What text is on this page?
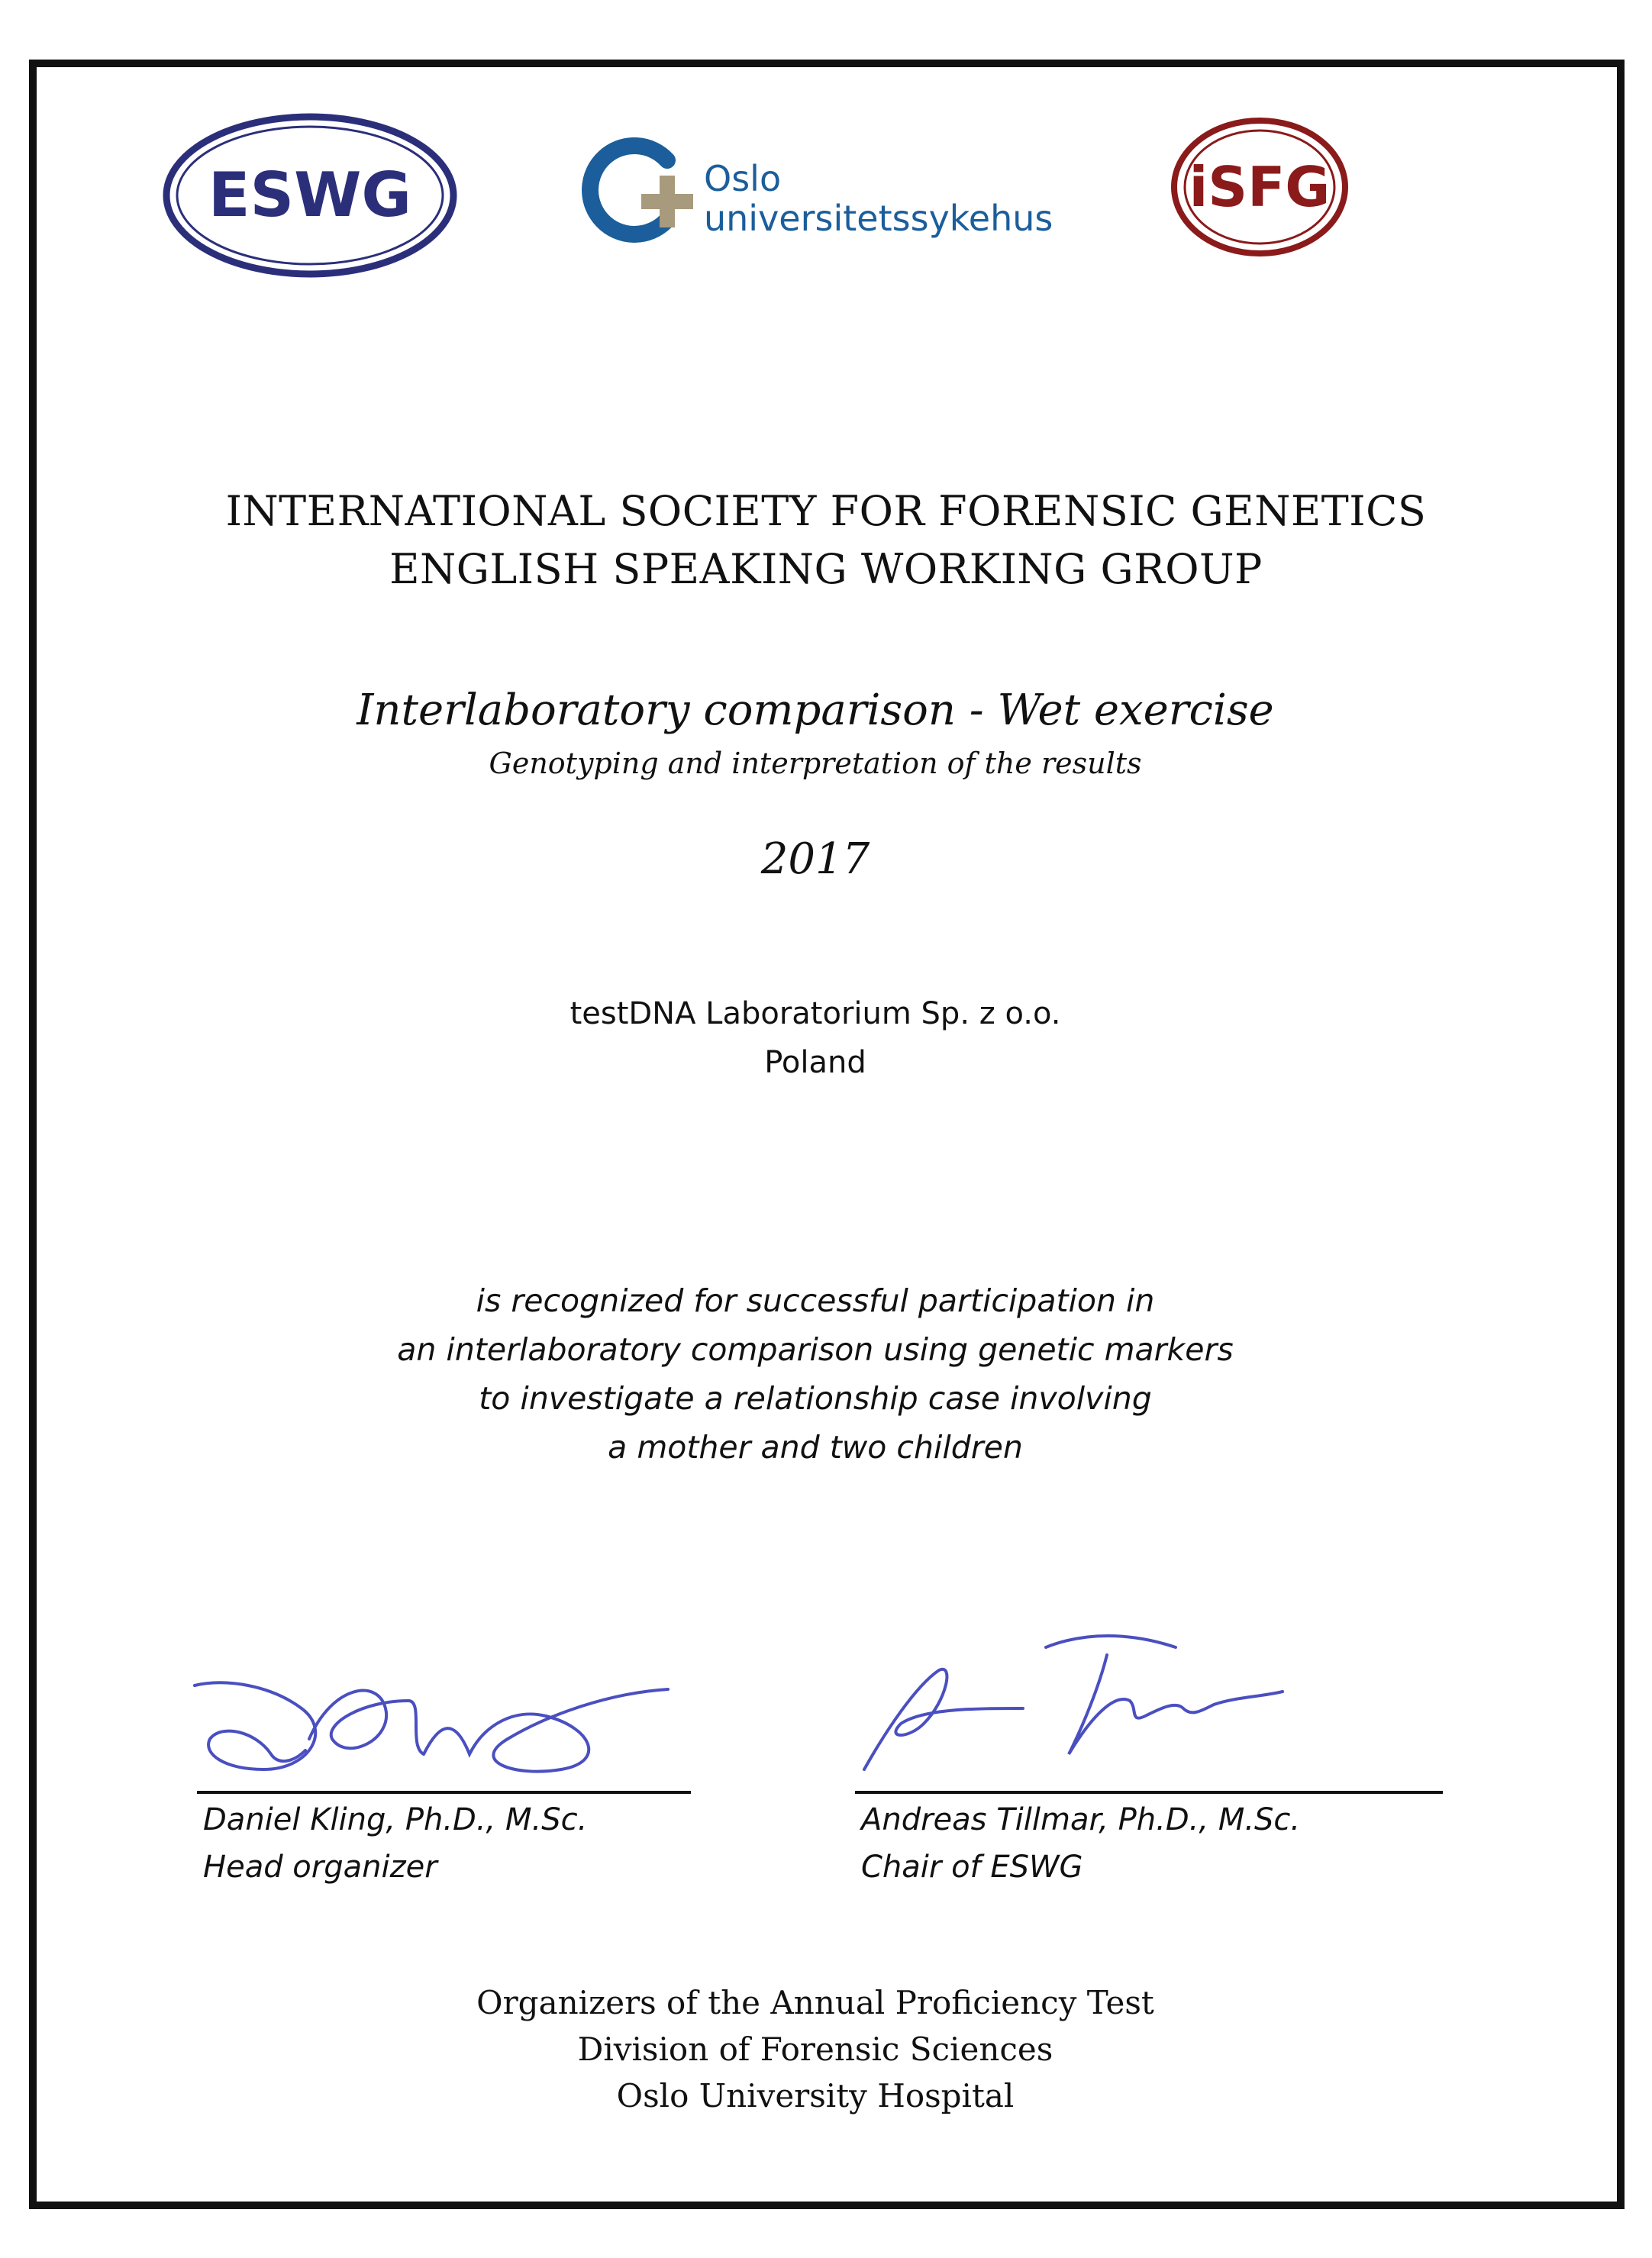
ESWG	Oslo
universitetssykehus iSFG
INTERNATIONAL SOCIETY FOR FORENSIC GENETICS
ENGLISH SPEAKING WORKING GROUP
Interlaboratory comparison - Wet exercise
Genotyping and interpretation of the results
2017
testDNA Laboratorium Sp. z o.o.
Poland
is recognized for successful participation in
an interlaboratory comparison using genetic markers
to investigate a relationship case involving
a mother and two children
Daniel Kling, Ph.D., M.Sc.
Head organizer
Andreas Tillmar, Ph.D., M.Sc.
Chair of ESWG
Organizers of the Annual Proficiency Test
Division of Forensic Sciences
Oslo University Hospital
